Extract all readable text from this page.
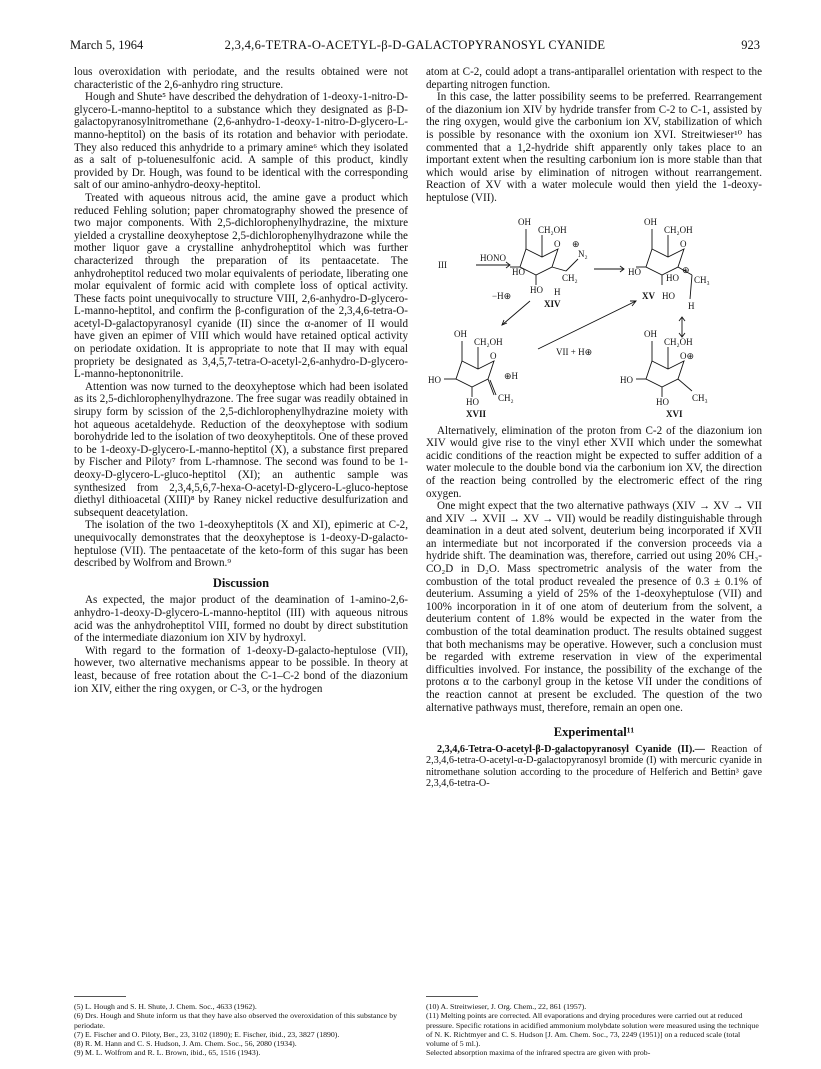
March 5, 1964	2,3,4,6-TETRA-O-ACETYL-β-D-GALACTOPYRANOSYL CYANIDE	923

lous overoxidation with periodate, and the results obtained were not characteristic of the 2,6-anhydro ring structure.

Hough and Shute⁵ have described the dehydration of 1-deoxy-1-nitro-D-glycero-L-manno-heptitol to a substance which they designated as β-D-galactopyranosylnitromethane (2,6-anhydro-1-deoxy-1-nitro-D-glycero-L-manno-heptitol) on the basis of its rotation and behavior with periodate. They also reduced this anhydride to a primary amine⁶ which they isolated as a salt of p-toluenesulfonic acid. A sample of this product, kindly provided by Dr. Hough, was found to be identical with the corresponding salt of our amino-anhydro-deoxy-heptitol.

Treated with aqueous nitrous acid, the amine gave a product which reduced Fehling solution; paper chromatography showed the presence of two major components. With 2,5-dichlorophenylhydrazine, the mixture yielded a crystalline deoxyheptose 2,5-dichlorophenylhydrazone while the mother liquor gave a crystalline anhydroheptitol which was further characterized through the preparation of its pentaacetate. The anhydroheptitol reduced two molar equivalents of periodate, liberating one molar equivalent of formic acid with complete loss of optical activity. These facts point unequivocally to structure VIII, 2,6-anhydro-D-glycero-L-manno-heptitol, and confirm the β-configuration of the 2,3,4,6-tetra-O-acetyl-D-galactopyranosyl cyanide (II) since the α-anomer of II would have given an epimer of VIII which would have retained optical activity on periodate oxidation. It is appropriate to note that II may with equal propriety be designated as 3,4,5,7-tetra-O-acetyl-2,6-anhydro-D-glycero-L-manno-heptononitrile.

Attention was now turned to the deoxyheptose which had been isolated as its 2,5-dichlorophenylhydrazone. The free sugar was readily obtained in sirupy form by scission of the 2,5-dichlorophenylhydrazine moiety with hot aqueous acetaldehyde. Reduction of the deoxyheptose with sodium borohydride led to the isolation of two deoxyheptitols. One of these proved to be 1-deoxy-D-glycero-L-manno-heptitol (X), a substance first prepared by Fischer and Piloty⁷ from L-rhamnose. The second was found to be 1-deoxy-D-glycero-L-gluco-heptitol (XI); an authentic sample was synthesized from 2,3,4,5,6,7-hexa-O-acetyl-D-glycero-L-gluco-heptose diethyl dithioacetal (XIII)⁸ by Raney nickel reductive desulfurization and subsequent deacetylation.

The isolation of the two 1-deoxyheptitols (X and XI), epimeric at C-2, unequivocally demonstrates that the deoxyheptose is 1-deoxy-D-galacto-heptulose (VII). The pentaacetate of the keto-form of this sugar has been described by Wolfrom and Brown.⁹

Discussion

As expected, the major product of the deamination of 1-amino-2,6-anhydro-1-deoxy-D-glycero-L-manno-heptitol (III) with aqueous nitrous acid was the anhydroheptitol VIII, formed no doubt by direct substitution of the intermediate diazonium ion XIV by hydroxyl.

With regard to the formation of 1-deoxy-D-galacto-heptulose (VII), however, two alternative mechanisms appear to be possible. In theory at least, because of free rotation about the C-1–C-2 bond of the diazonium ion XIV, either the ring oxygen, or C-3, or the hydrogen

atom at C-2, could adopt a trans-antiparallel orientation with respect to the departing nitrogen function.

In this case, the latter possibility seems to be preferred. Rearrangement of the diazonium ion XIV by hydride transfer from C-2 to C-1, assisted by the ring oxygen, would give the carbonium ion XV, stabilization of which is possible by resonance with the oxonium ion XVI. Streitwieser¹⁰ has commented that a 1,2-hydride shift apparently only takes place to an important extent when the resulting carbonium ion is more stable than that which would arise by elimination of nitrogen without rearrangement. Reaction of XV with a water molecule would then yield the 1-deoxy-heptulose (VII).

OH
CH₂OH
O ⊕
N₂
III
HONO
HO
HO
CH₂
H
XIV
OH
CH₂OH
O
HO
HO
⊕
CH₃
XV HO
H
−H⊕
OH
CH₂OH
O
HO
HO CH₂
⊕H
XVII
VII + H⊕
OH
CH₂OH
O⊕
HO
HO	CH₃
XVI

Alternatively, elimination of the proton from C-2 of the diazonium ion XIV would give rise to the vinyl ether XVII which under the somewhat acidic conditions of the reaction might be expected to suffer addition of a water molecule to the double bond via the carbonium ion XV, the direction of the reaction being controlled by the electromeric effect of the ring oxygen.

One might expect that the two alternative pathways (XIV → XV → VII and XIV → XVII → XV → VII) would be readily distinguishable through deamination in a deut ated solvent, deuterium being incorporated if XVII an intermediate but not incorporated if the conversion proceeds via a hydride shift. The deamination was, therefore, carried out using 20% CH₃-CO₂D in D₂O. Mass spectrometric analysis of the water from the combustion of the total product revealed the presence of 0.3 ± 0.1% of deuterium. Assuming a yield of 25% of the 1-deoxyheptulose (VII) and 100% incorporation in it of one atom of deuterium from the solvent, a deuterium content of 1.8% would be expected in the water from the combustion of the total deamination product. The results obtained suggest that both mechanisms may be operative. However, such a conclusion must be regarded with extreme reservation in view of the experimental difficulties involved. For instance, the possibility of the exchange of the protons α to the carbonyl group in the ketose VII under the conditions of the reaction cannot at present be excluded. The question of the two alternative pathways must, therefore, remain an open one.

Experimental¹¹

2,3,4,6-Tetra-O-acetyl-β-D-galactopyranosyl Cyanide (II).— Reaction of 2,3,4,6-tetra-O-acetyl-α-D-galactopyranosyl bromide (I) with mercuric cyanide in nitromethane solution according to the procedure of Helferich and Bettin³ gave 2,3,4,6-tetra-O-

(5) L. Hough and S. H. Shute, J. Chem. Soc., 4633 (1962).

(6) Drs. Hough and Shute inform us that they have also observed the overoxidation of this substance by periodate.

(7) E. Fischer and O. Piloty, Ber., 23, 3102 (1890); E. Fischer, ibid., 23, 3827 (1890).

(8) R. M. Hann and C. S. Hudson, J. Am. Chem. Soc., 56, 2080 (1934).

(9) M. L. Wolfrom and R. L. Brown, ibid., 65, 1516 (1943).

(10) A. Streitwieser, J. Org. Chem., 22, 861 (1957).

(11) Melting points are corrected. All evaporations and drying procedures were carried out at reduced pressure. Specific rotations in acidified ammonium molybdate solution were measured using the technique of N. K. Richtmyer and C. S. Hudson [J. Am. Chem. Soc., 73, 2249 (1951)] on a reduced scale (total volume of 5 ml.).

Selected absorption maxima of the infrared spectra are given with prob-
